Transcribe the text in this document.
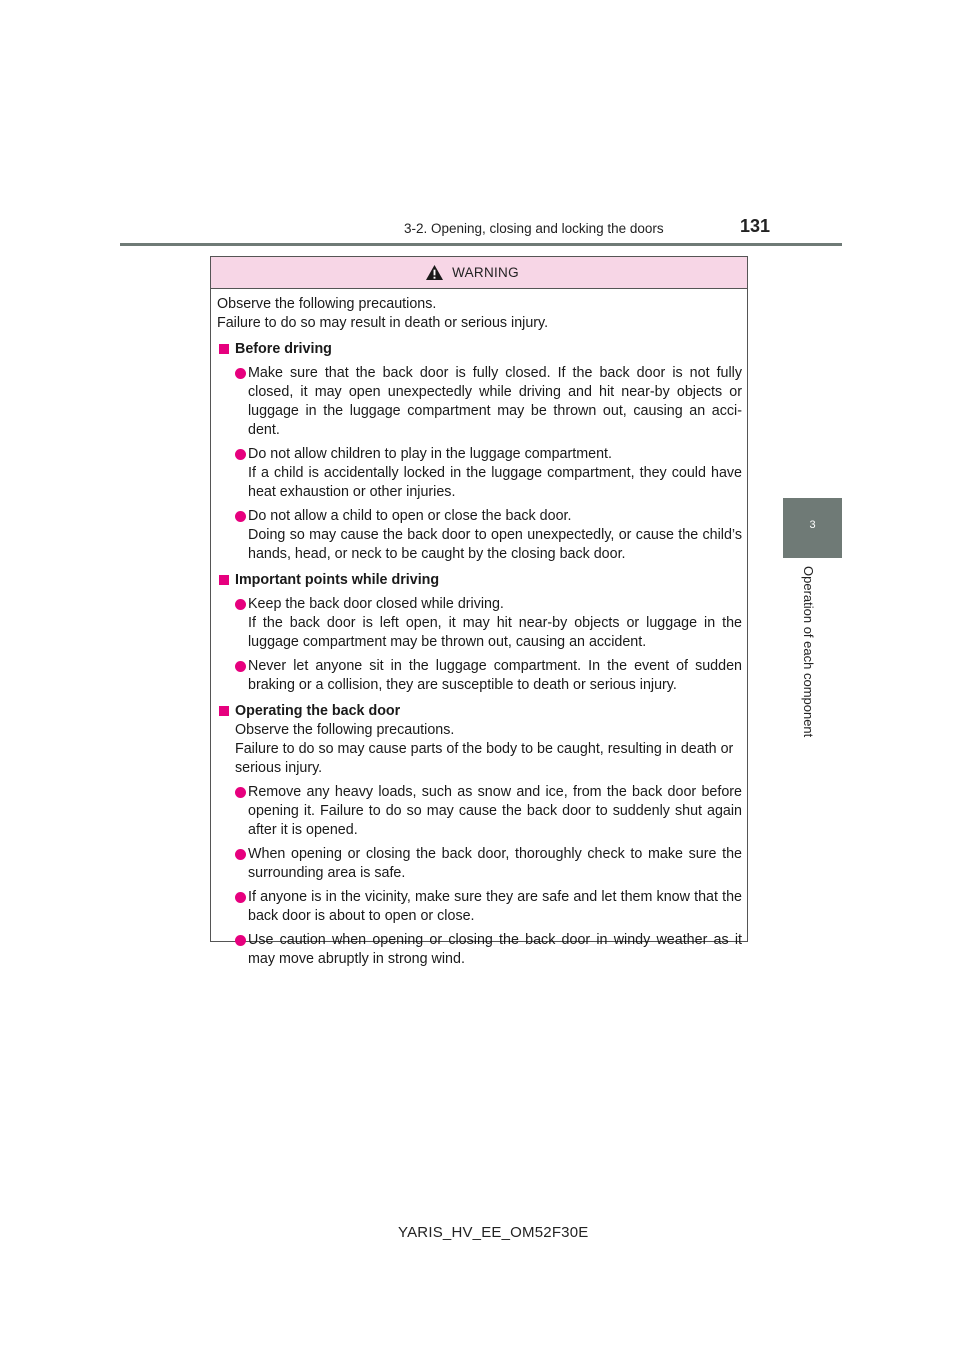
3-2. Opening, closing and locking the doors	131
3
Operation of each component
WARNING

Observe the following precautions.

Failure to do so may result in death or serious injury.

Before driving

Make sure that the back door is fully closed. If the back door is not fully closed, it may open unexpectedly while driving and hit near-by objects or luggage in the luggage compartment may be thrown out, causing an acci-dent.

Do not allow children to play in the luggage compartment.
If a child is accidentally locked in the luggage compartment, they could have heat exhaustion or other injuries.

Do not allow a child to open or close the back door.
Doing so may cause the back door to open unexpectedly, or cause the child’s hands, head, or neck to be caught by the closing back door.

Important points while driving

Keep the back door closed while driving.
If the back door is left open, it may hit near-by objects or luggage in the luggage compartment may be thrown out, causing an accident.

Never let anyone sit in the luggage compartment. In the event of sudden braking or a collision, they are susceptible to death or serious injury.

Operating the back door

Observe the following precautions.

Failure to do so may cause parts of the body to be caught, resulting in death or serious injury.

Remove any heavy loads, such as snow and ice, from the back door before opening it. Failure to do so may cause the back door to suddenly shut again after it is opened.

When opening or closing the back door, thoroughly check to make sure the surrounding area is safe.

If anyone is in the vicinity, make sure they are safe and let them know that the back door is about to open or close.

Use caution when opening or closing the back door in windy weather as it may move abruptly in strong wind.

YARIS_HV_EE_OM52F30E
